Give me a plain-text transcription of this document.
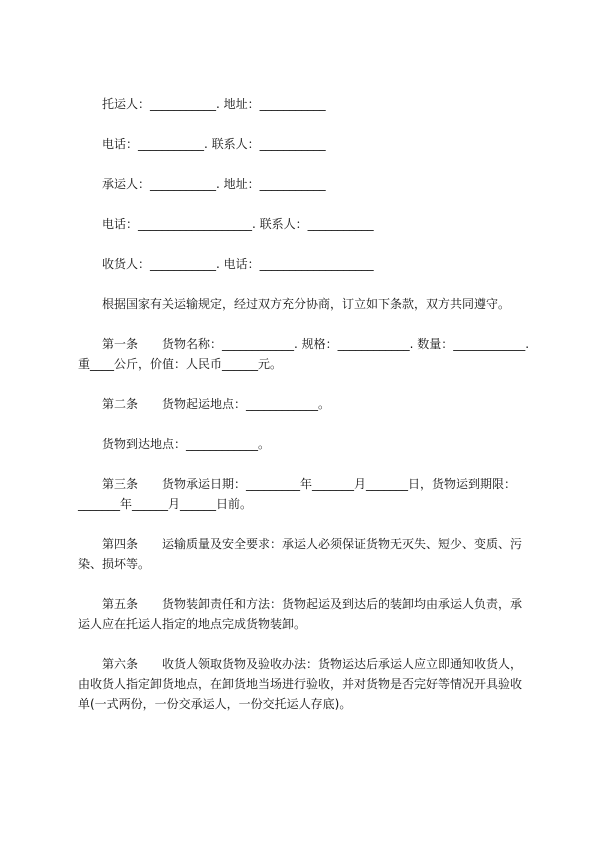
托运人：___________. 地址：___________
电话：___________. 联系人：___________
承运人：___________. 地址：___________
电话：___________________. 联系人：___________
收货人：___________. 电话：___________________
根据国家有关运输规定，经过双方充分协商，订立如下条款，双方共同遵守。
第一条 货物名称：____________. 规格：____________. 数量：____________.
重____公斤，价值：人民币______元。
第二条 货物起运地点：____________。
货物到达地点：____________。
第三条 货物承运日期：_________年_______月_______日，货物运到期限：
_______年______月______日前。
第四条 运输质量及安全要求：承运人必须保证货物无灭失、短少、变质、污
染、损坏等。
第五条 货物装卸责任和方法：货物起运及到达后的装卸均由承运人负责，承
运人应在托运人指定的地点完成货物装卸。
第六条 收货人领取货物及验收办法：货物运达后承运人应立即通知收货人，
由收货人指定卸货地点，在卸货地当场进行验收，并对货物是否完好等情况开具验收
单(一式两份，一份交承运人，一份交托运人存底)。
